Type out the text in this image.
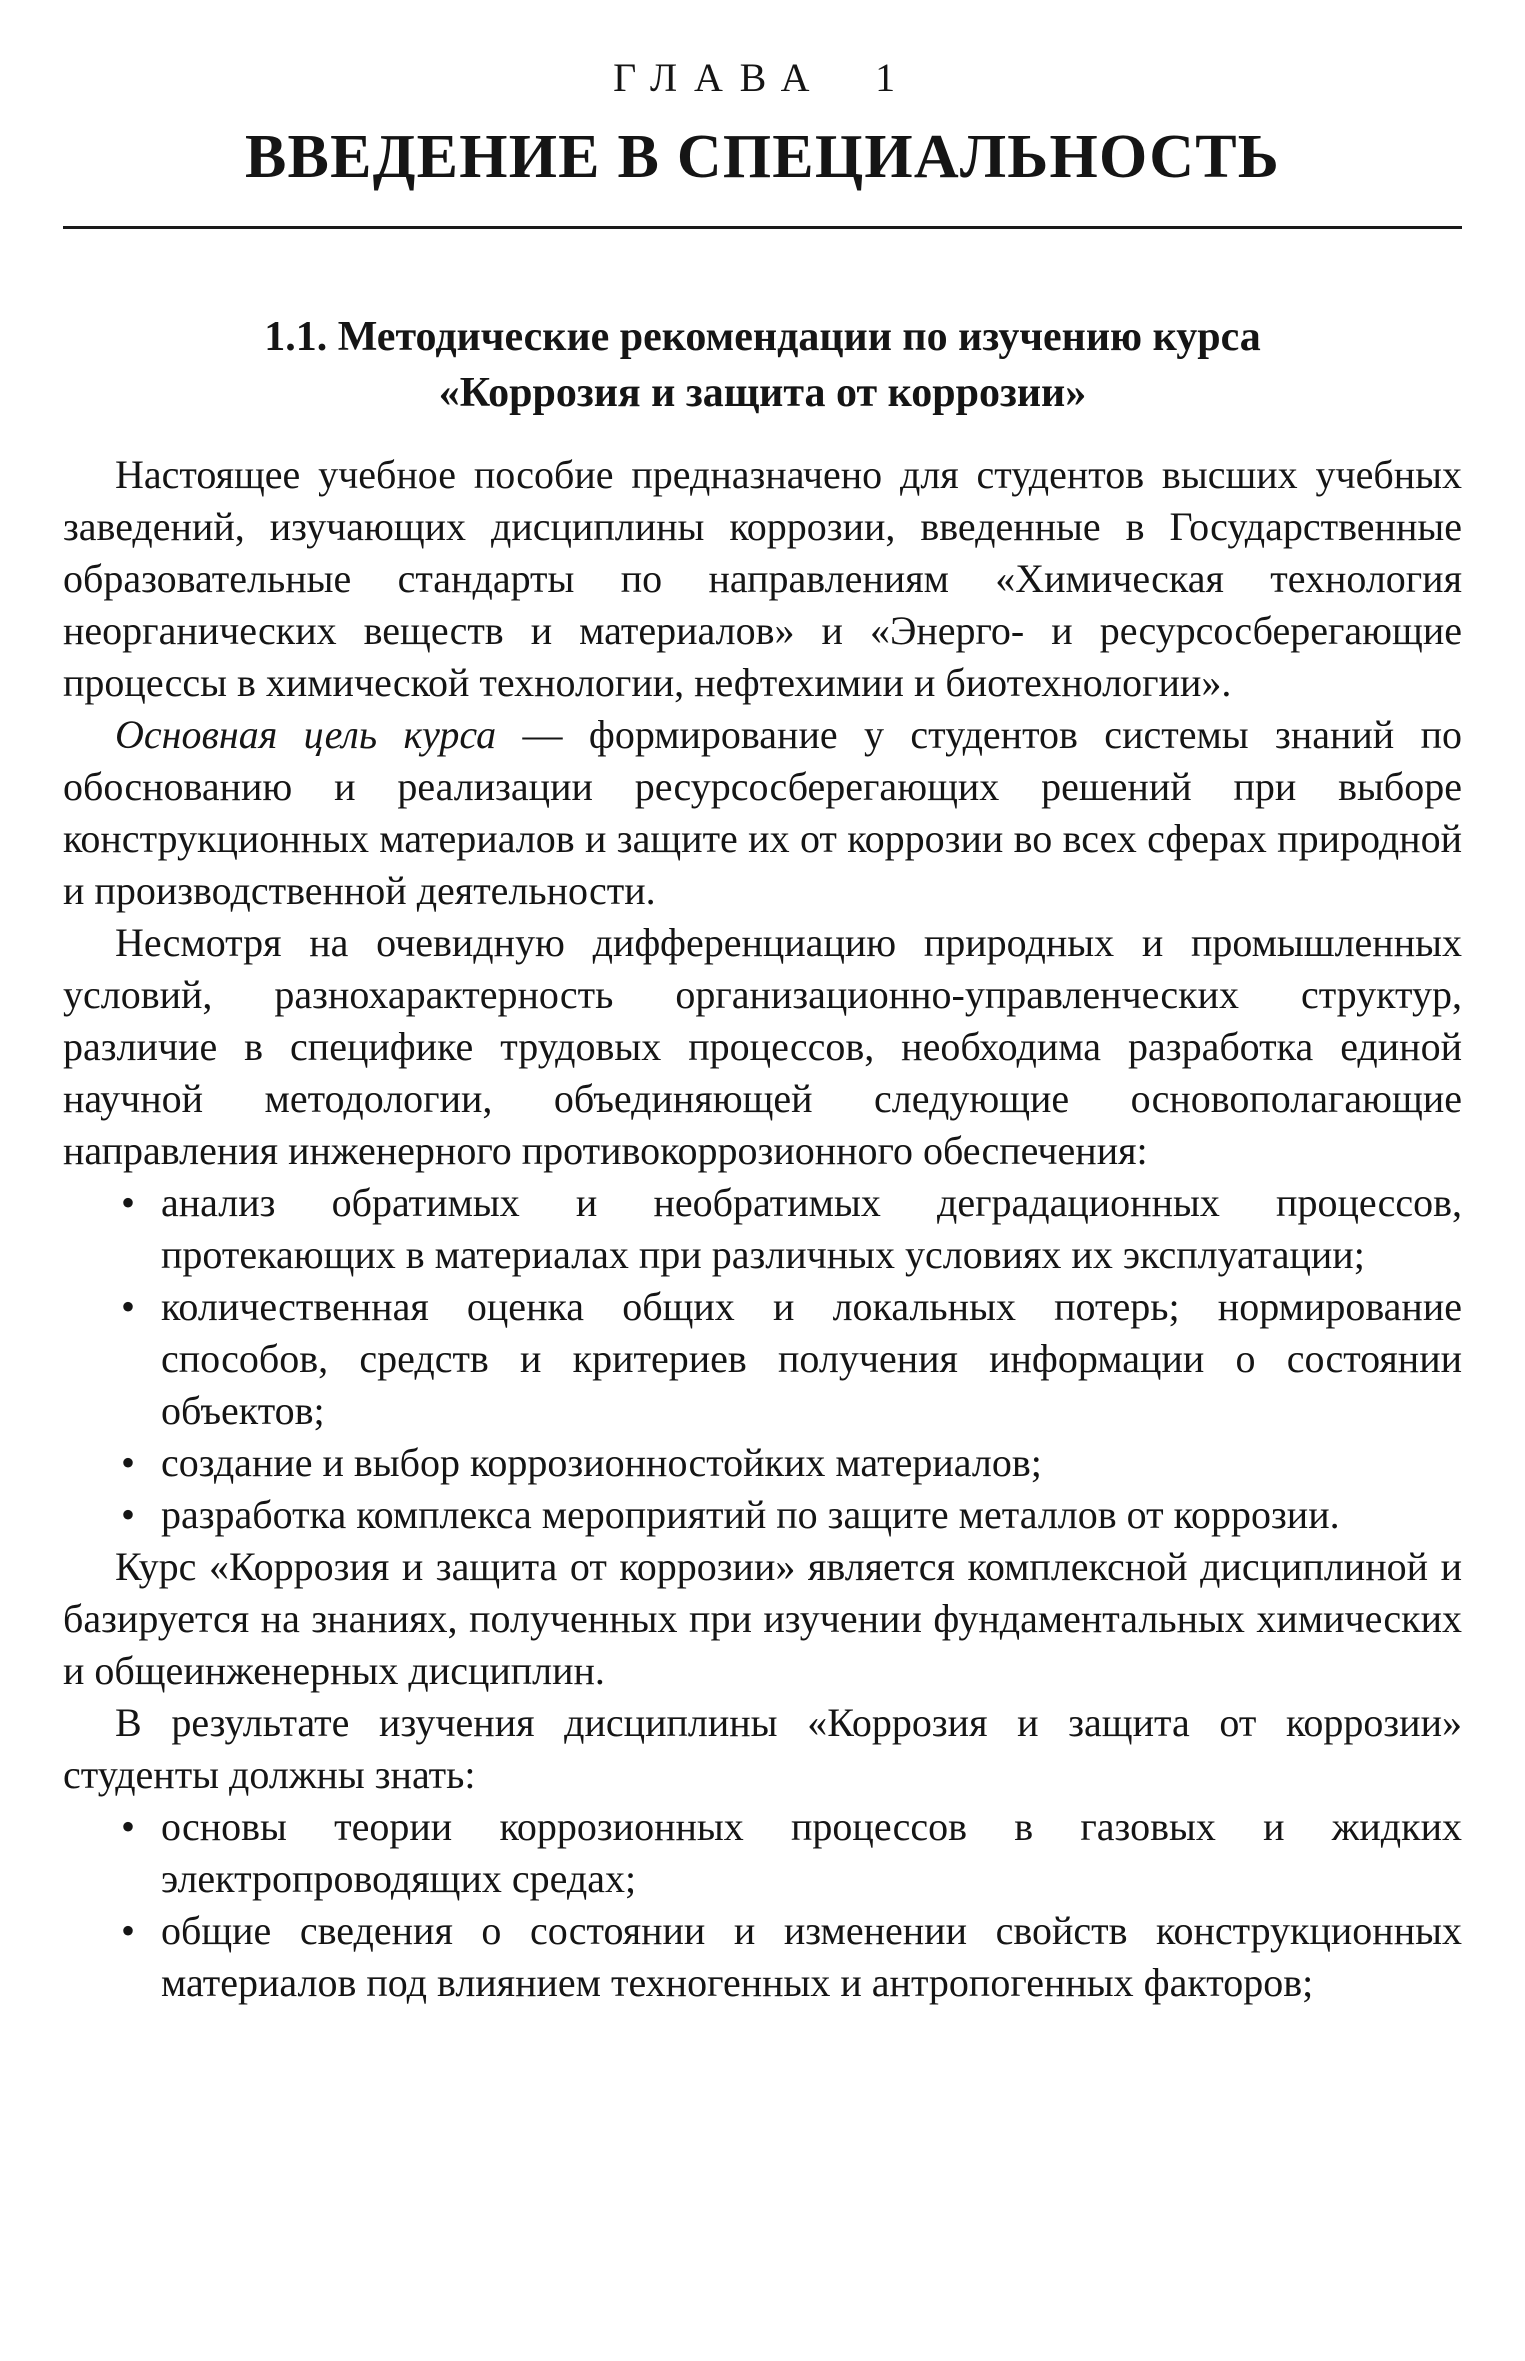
ГЛАВА 1
ВВЕДЕНИЕ В СПЕЦИАЛЬНОСТЬ
1.1. Методические рекомендации по изучению курса
«Коррозия и защита от коррозии»

Настоящее учебное пособие предназначено для студентов высших учебных заведений, изучающих дисциплины коррозии, введенные в Государственные образовательные стандарты по направлениям «Химическая технология неорганических веществ и материалов» и «Энерго- и ресурсосберегающие процессы в химической технологии, нефтехимии и биотехнологии».

Основная цель курса — формирование у студентов системы знаний по обоснованию и реализации ресурсосберегающих решений при выборе конструкционных материалов и защите их от коррозии во всех сферах природной и производственной деятельности.

Несмотря на очевидную дифференциацию природных и промышленных условий, разнохарактерность организационно-управленческих структур, различие в специфике трудовых процессов, необходима разработка единой научной методологии, объединяющей следующие основополагающие направления инженерного противокоррозионного обеспечения:

• анализ обратимых и необратимых деградационных процессов, протекающих в материалах при различных условиях их эксплуатации;
• количественная оценка общих и локальных потерь; нормирование способов, средств и критериев получения информации о состоянии объектов;
• создание и выбор коррозионностойких материалов;
• разработка комплекса мероприятий по защите металлов от коррозии.

Курс «Коррозия и защита от коррозии» является комплексной дисциплиной и базируется на знаниях, полученных при изучении фундаментальных химических и общеинженерных дисциплин.

В результате изучения дисциплины «Коррозия и защита от коррозии» студенты должны знать:

• основы теории коррозионных процессов в газовых и жидких электропроводящих средах;
• общие сведения о состоянии и изменении свойств конструкционных материалов под влиянием техногенных и антропогенных факторов;
